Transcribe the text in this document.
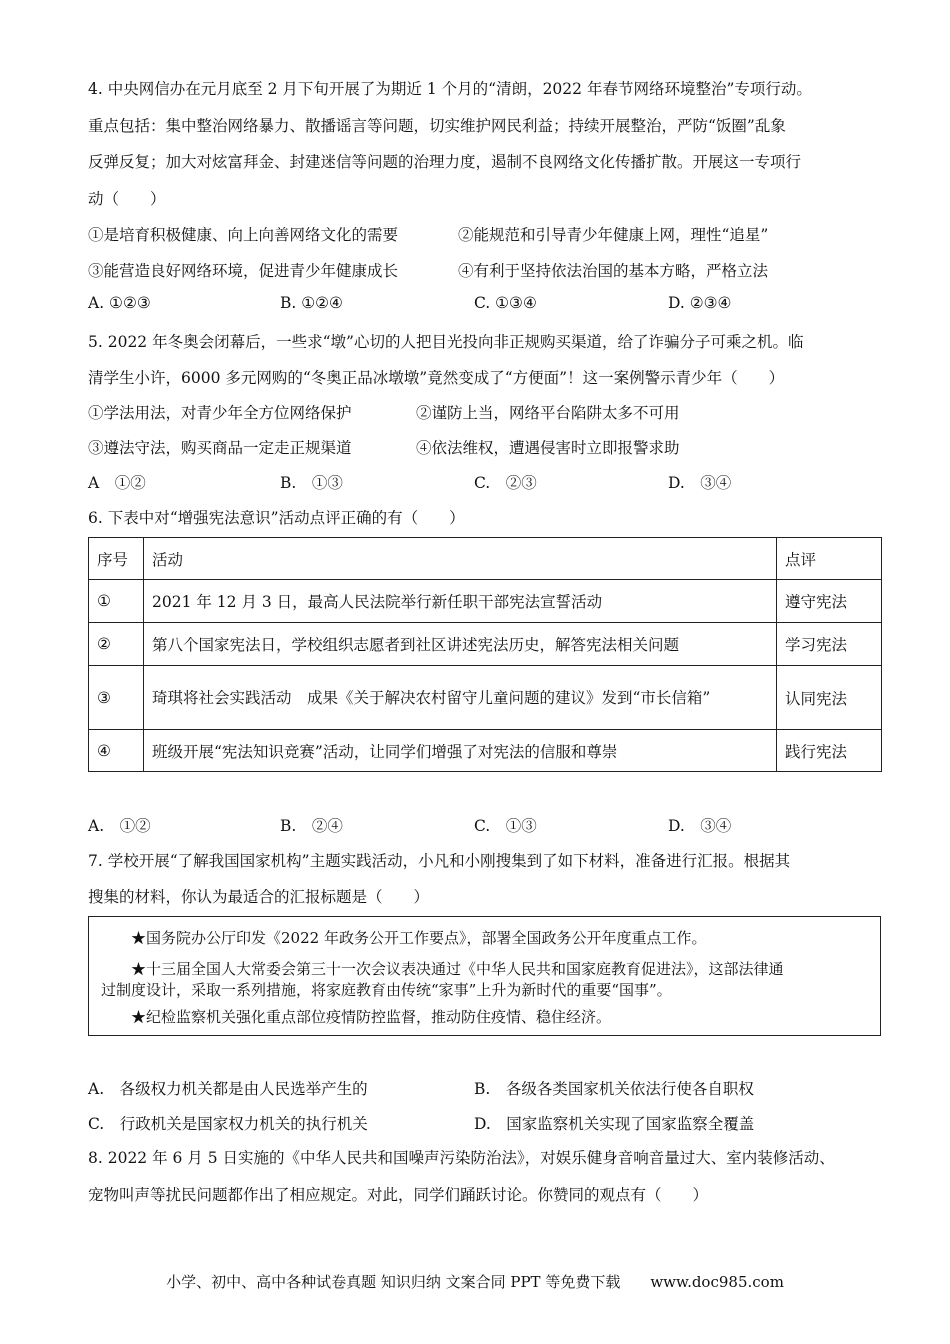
4. 中央网信办在元月底至 2 月下旬开展了为期近 1 个月的“清朗，2022 年春节网络环境整治”专项行动。
重点包括：集中整治网络暴力、散播谣言等问题，切实维护网民利益；持续开展整治，严防“饭圈”乱象
反弹反复；加大对炫富拜金、封建迷信等问题的治理力度，遏制不良网络文化传播扩散。开展这一专项行
动（　　）
①是培育积极健康、向上向善网络文化的需要	②能规范和引导青少年健康上网，理性“追星”
③能营造良好网络环境，促进青少年健康成长	④有利于坚持依法治国的基本方略，严格立法
A. ①②③	B. ①②④	C. ①③④	D. ②③④
5. 2022 年冬奥会闭幕后，一些求“墩”心切的人把目光投向非正规购买渠道，给了诈骗分子可乘之机。临
清学生小许，6000 多元网购的“冬奥正品冰墩墩”竟然变成了“方便面”！这一案例警示青少年（　　）
①学法用法，对青少年全方位网络保护	②谨防上当，网络平台陷阱太多不可用
③遵法守法，购买商品一定走正规渠道	④依法维权，遭遇侵害时立即报警求助
A　①②	B.　①③	C.　②③	D.　③④
6. 下表中对“增强宪法意识”活动点评正确的有（　　）
序号	活动	点评
①	2021 年 12 月 3 日，最高人民法院举行新任职干部宪法宣誓活动	遵守宪法
②	第八个国家宪法日，学校组织志愿者到社区讲述宪法历史，解答宪法相关问题	学习宪法
③	琦琪将社会实践活动　成果《关于解决农村留守儿童问题的建议》发到“市长信箱”	认同宪法
④	班级开展“宪法知识竞赛”活动，让同学们增强了对宪法的信服和尊崇	践行宪法
A.　①②	B.　②④	C.　①③	D.　③④
7. 学校开展“了解我国国家机构”主题实践活动，小凡和小刚搜集到了如下材料，准备进行汇报。根据其
搜集的材料，你认为最适合的汇报标题是（　　）
★国务院办公厅印发《2022 年政务公开工作要点》，部署全国政务公开年度重点工作。
★十三届全国人大常委会第三十一次会议表决通过《中华人民共和国家庭教育促进法》，这部法律通
过制度设计，采取一系列措施，将家庭教育由传统“家事”上升为新时代的重要“国事”。
★纪检监察机关强化重点部位疫情防控监督，推动防住疫情、稳住经济。
A.　各级权力机关都是由人民选举产生的	B.　各级各类国家机关依法行使各自职权
C.　行政机关是国家权力机关的执行机关	D.　国家监察机关实现了国家监察全覆盖
8. 2022 年 6 月 5 日实施的《中华人民共和国噪声污染防治法》，对娱乐健身音响音量过大、室内装修活动、
宠物叫声等扰民问题都作出了相应规定。对此，同学们踊跃讨论。你赞同的观点有（　　）
小学、初中、高中各种试卷真题 知识归纳 文案合同 PPT 等免费下载　　www.doc985.com
